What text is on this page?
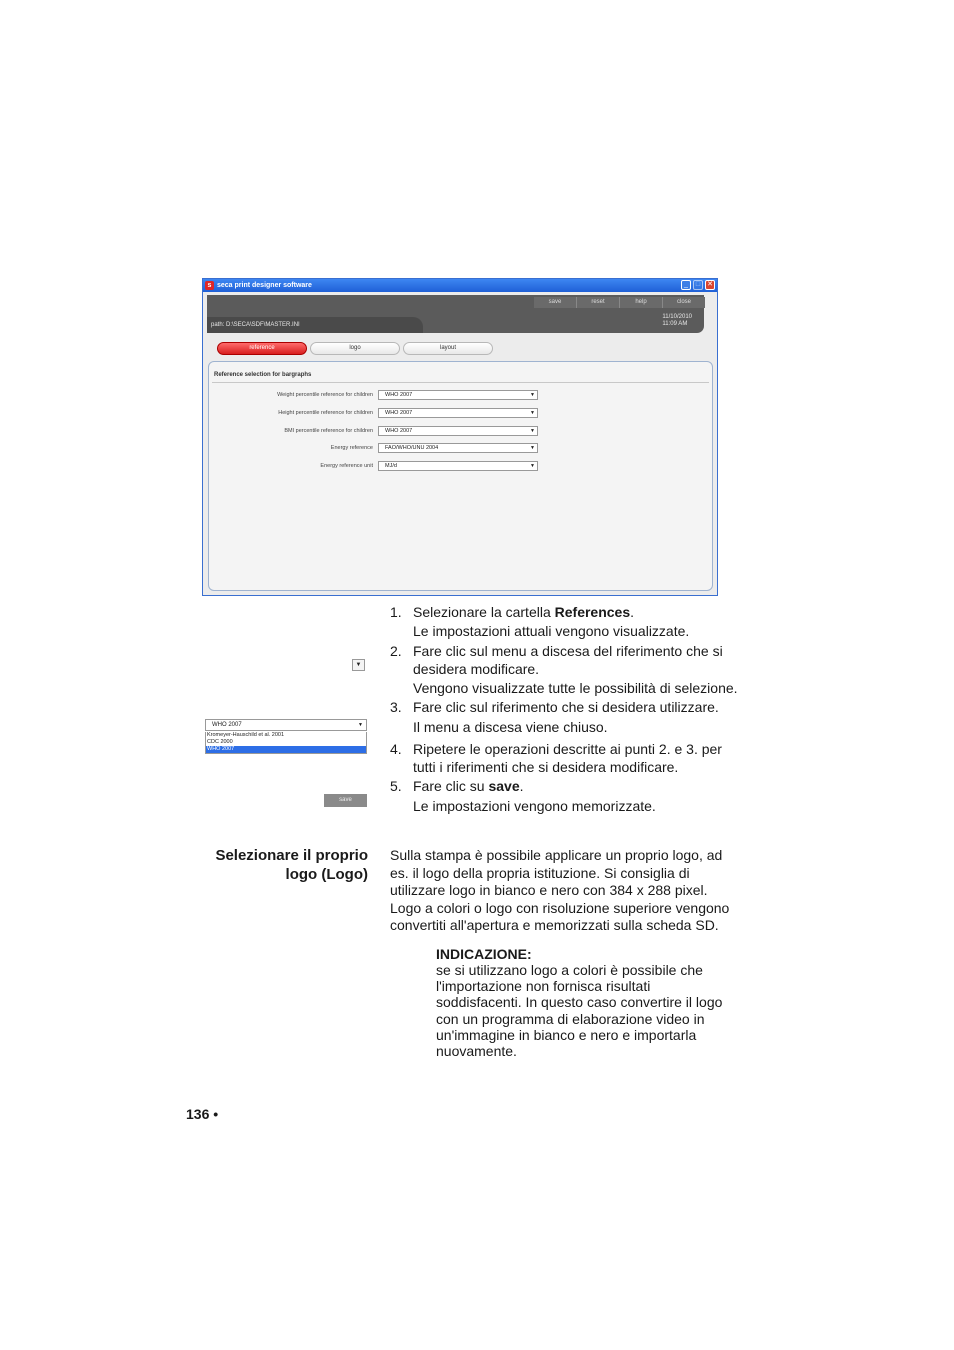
s seca print designer software	_	□ ✕
save	reset	help	close
path: D:\SECA\SDF\MASTER.INI
11/10/2010
11:09 AM
reference	logo	layout
Reference selection for bargraphs
Weight percentile reference for children	WHO 2007	▼
Height percentile reference for children	WHO 2007	▼
BMI percentile reference for children	WHO 2007	▼
Energy reference	FAO/WHO/UNU 2004	▼
Energy reference unit	MJ/d	▼
▼
WHO 2007	▼
Kromeyer-Hauschild et al. 2001
CDC 2000
WHO 2007
save
1. Selezionare la cartella References.
Le impostazioni attuali vengono visualizzate.
2. Fare clic sul menu a discesa del riferimento che si desidera modificare.
Vengono visualizzate tutte le possibilità di selezione.
3. Fare clic sul riferimento che si desidera utilizzare.
Il menu a discesa viene chiuso.
4. Ripetere le operazioni descritte ai punti 2. e 3. per tutti i riferimenti che si desidera modificare.
5. Fare clic su save.
Le impostazioni vengono memorizzate.
Selezionare il proprio
logo (Logo)
Sulla stampa è possibile applicare un proprio logo, ad es. il logo della propria istituzione. Si consiglia di utilizzare logo in bianco e nero con 384 x 288 pixel. Logo a colori o logo con risoluzione superiore vengono convertiti all'apertura e memorizzati sulla scheda SD.
INDICAZIONE:
se si utilizzano logo a colori è possibile che l'importazione non fornisca risultati soddisfacenti. In questo caso convertire il logo con un programma di elaborazione video in un'immagine in bianco e nero e importarla nuovamente.
136 •
